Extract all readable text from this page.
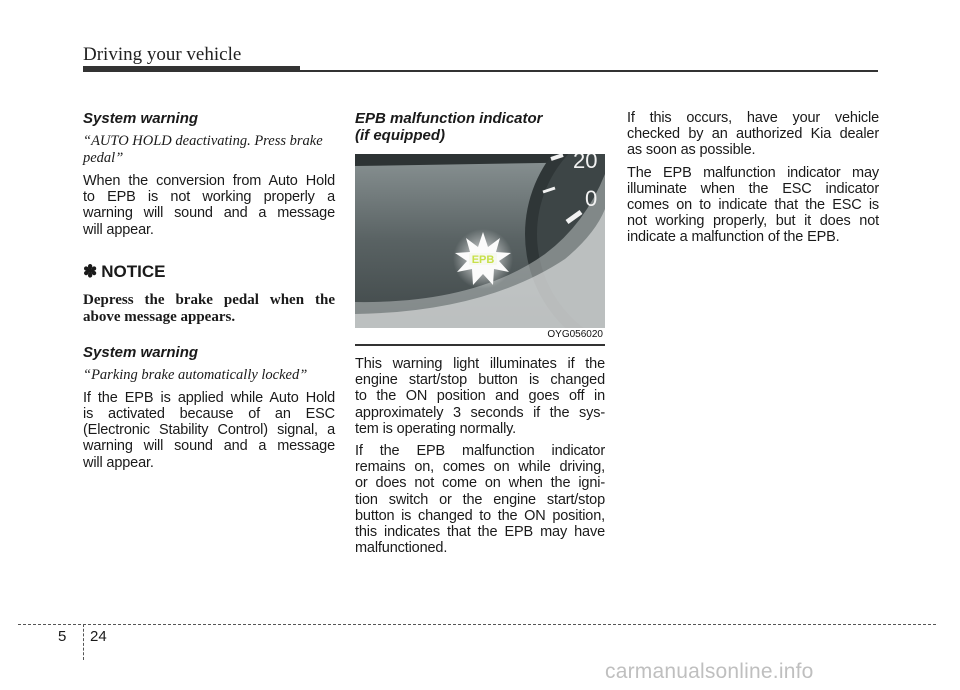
Driving your vehicle
System warning
“AUTO HOLD deactivating. Press brake pedal”
When the conversion from Auto Hold
to EPB is not working properly a
warning will sound and a message
will appear.
✽ NOTICE
Depress the brake pedal when the
above message appears.
System warning
“Parking brake automatically locked”
If the EPB is applied while Auto Hold
is activated because of an ESC
(Electronic Stability Control) signal, a
warning will sound and a message
will appear.
EPB malfunction indicator
(if equipped)
20
0
EPB
OYG056020
This warning light illuminates if the
engine start/stop button is changed
to the ON position and goes off in
approximately 3 seconds if the sys-
tem is operating normally.
If the EPB malfunction indicator
remains on, comes on while driving,
or does not come on when the igni-
tion switch or the engine start/stop
button is changed to the ON position,
this indicates that the EPB may have
malfunctioned.
If this occurs, have your vehicle
checked by an authorized Kia dealer
as soon as possible.
The EPB malfunction indicator may
illuminate when the ESC indicator
comes on to indicate that the ESC is
not working properly, but it does not
indicate a malfunction of the EPB.
5 24
carmanualsonline.info
